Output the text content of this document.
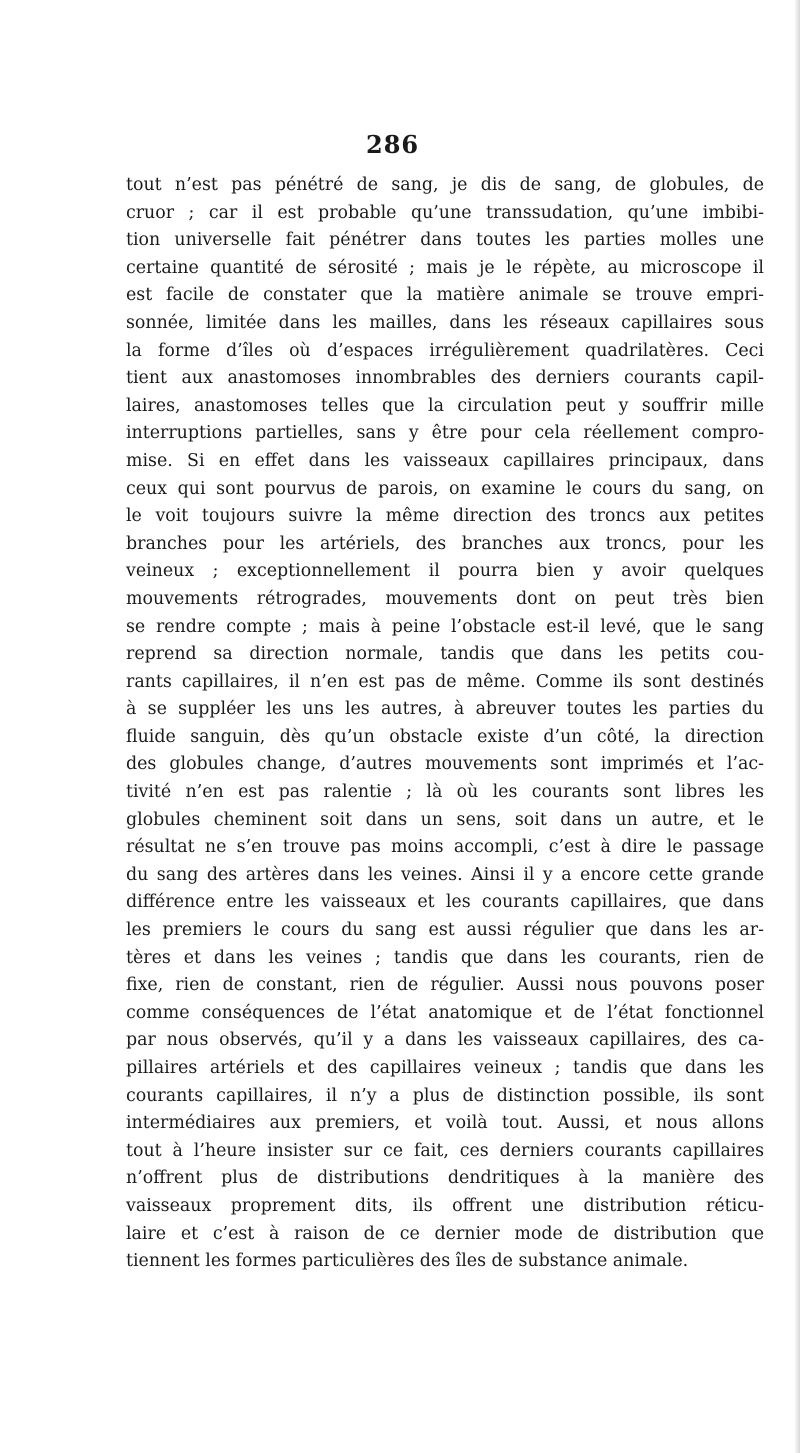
286
tout n’est pas pénétré de sang, je dis de sang, de globules, de
cruor ; car il est probable qu’une transsudation, qu’une imbibi-
tion universelle fait pénétrer dans toutes les parties molles une
certaine quantité de sérosité ; mais je le répète, au microscope il
est facile de constater que la matière animale se trouve empri-
sonnée, limitée dans les mailles, dans les réseaux capillaires sous
la forme d’îles où d’espaces irrégulièrement quadrilatères. Ceci
tient aux anastomoses innombrables des derniers courants capil-
laires, anastomoses telles que la circulation peut y souffrir mille
interruptions partielles, sans y être pour cela réellement compro-
mise. Si en effet dans les vaisseaux capillaires principaux, dans
ceux qui sont pourvus de parois, on examine le cours du sang, on
le voit toujours suivre la même direction des troncs aux petites
branches pour les artériels, des branches aux troncs, pour les
veineux ; exceptionnellement il pourra bien y avoir quelques
mouvements rétrogrades, mouvements dont on peut très bien
se rendre compte ; mais à peine l’obstacle est-il levé, que le sang
reprend sa direction normale, tandis que dans les petits cou-
rants capillaires, il n’en est pas de même. Comme ils sont destinés
à se suppléer les uns les autres, à abreuver toutes les parties du
fluide sanguin, dès qu’un obstacle existe d’un côté, la direction
des globules change, d’autres mouvements sont imprimés et l’ac-
tivité n’en est pas ralentie ; là où les courants sont libres les
globules cheminent soit dans un sens, soit dans un autre, et le
résultat ne s’en trouve pas moins accompli, c’est à dire le passage
du sang des artères dans les veines. Ainsi il y a encore cette grande
différence entre les vaisseaux et les courants capillaires, que dans
les premiers le cours du sang est aussi régulier que dans les ar-
tères et dans les veines ; tandis que dans les courants, rien de
fixe, rien de constant, rien de régulier. Aussi nous pouvons poser
comme conséquences de l’état anatomique et de l’état fonctionnel
par nous observés, qu’il y a dans les vaisseaux capillaires, des ca-
pillaires artériels et des capillaires veineux ; tandis que dans les
courants capillaires, il n’y a plus de distinction possible, ils sont
intermédiaires aux premiers, et voilà tout. Aussi, et nous allons
tout à l’heure insister sur ce fait, ces derniers courants capillaires
n’offrent plus de distributions dendritiques à la manière des
vaisseaux proprement dits, ils offrent une distribution réticu-
laire et c’est à raison de ce dernier mode de distribution que
tiennent les formes particulières des îles de substance animale.
